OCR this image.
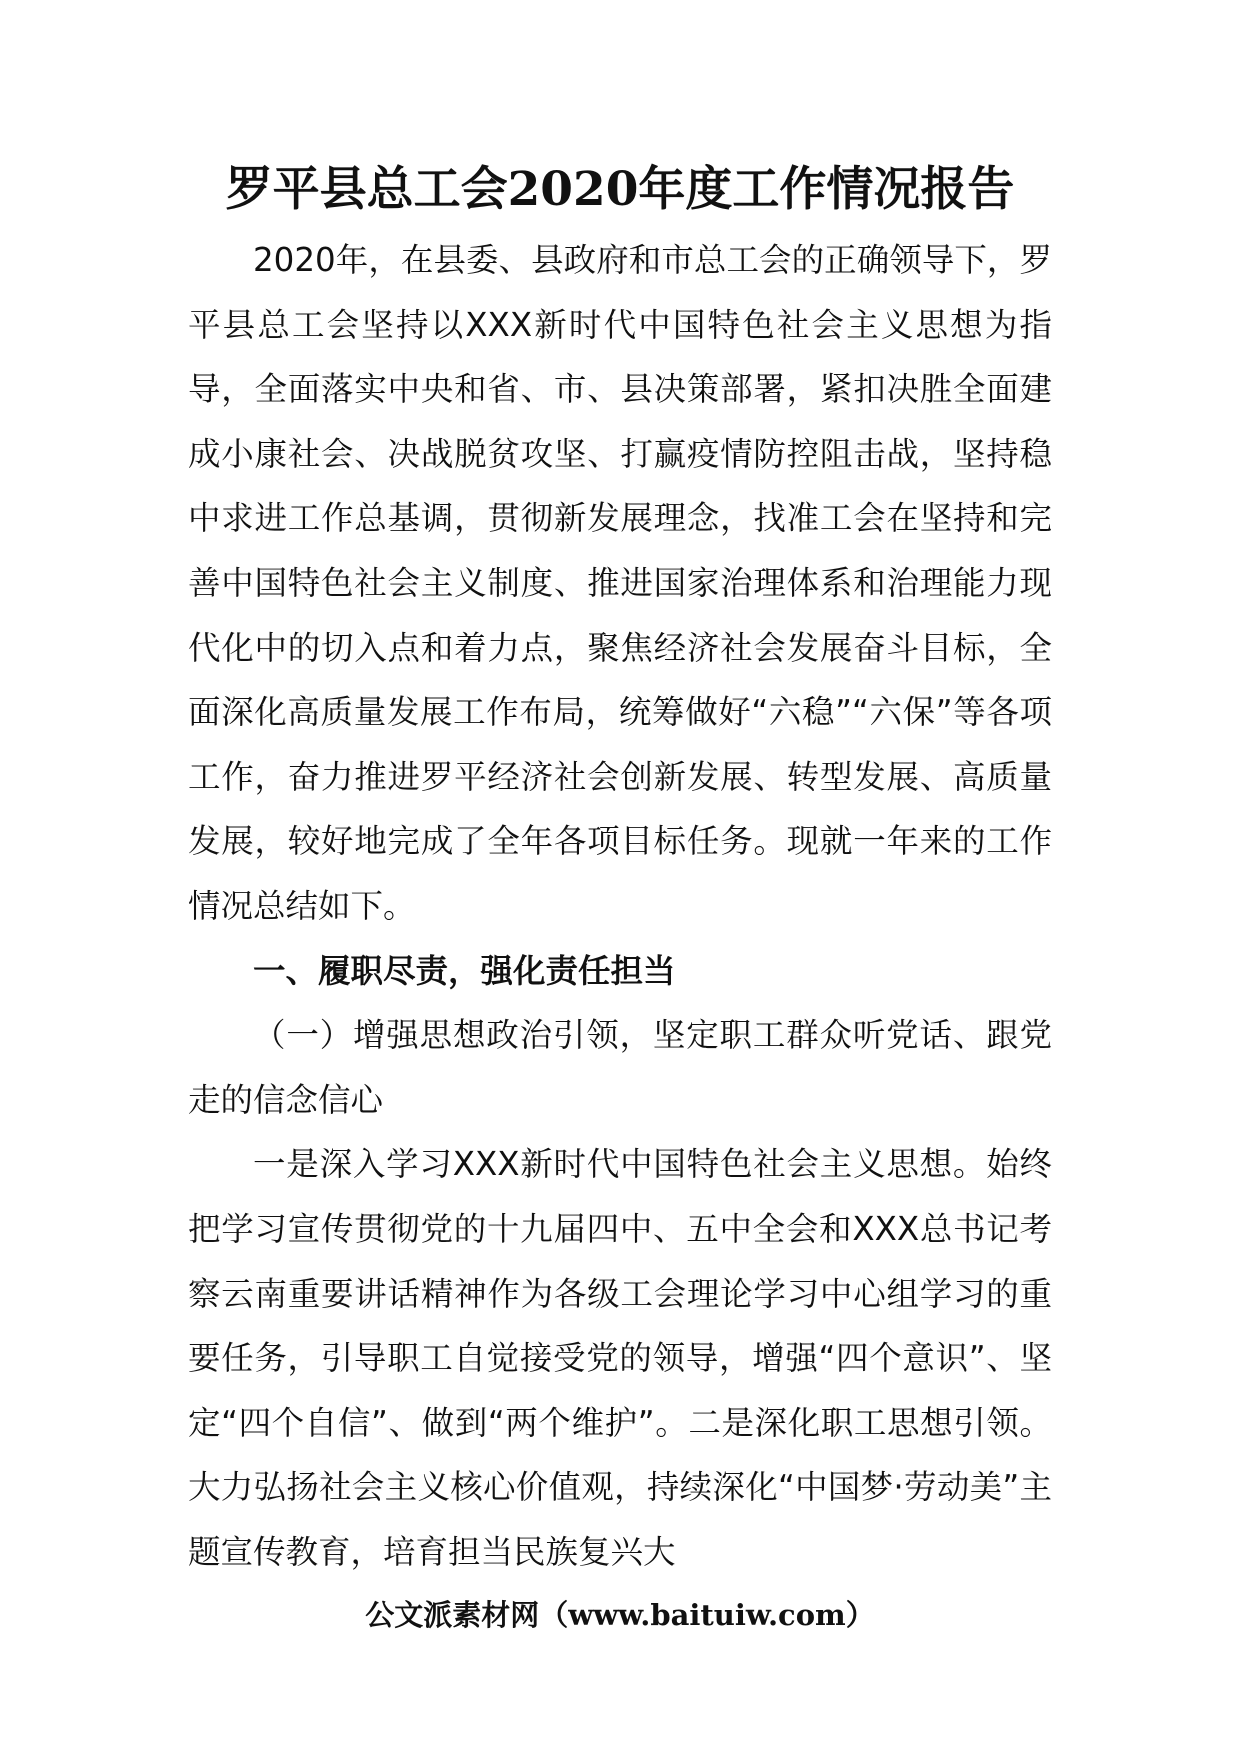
罗平县总工会2020年度工作情况报告

2020年，在县委、县政府和市总工会的正确领导下，罗平县总工会坚持以XXX新时代中国特色社会主义思想为指导，全面落实中央和省、市、县决策部署，紧扣决胜全面建成小康社会、决战脱贫攻坚、打赢疫情防控阻击战，坚持稳中求进工作总基调，贯彻新发展理念，找准工会在坚持和完善中国特色社会主义制度、推进国家治理体系和治理能力现代化中的切入点和着力点，聚焦经济社会发展奋斗目标，全面深化高质量发展工作布局，统筹做好“六稳”“六保”等各项工作，奋力推进罗平经济社会创新发展、转型发展、高质量发展，较好地完成了全年各项目标任务。现就一年来的工作情况总结如下。

一、履职尽责，强化责任担当

（一）增强思想政治引领，坚定职工群众听党话、跟党走的信念信心

一是深入学习XXX新时代中国特色社会主义思想。始终把学习宣传贯彻党的十九届四中、五中全会和XXX总书记考察云南重要讲话精神作为各级工会理论学习中心组学习的重要任务，引导职工自觉接受党的领导，增强“四个意识”、坚定“四个自信”、做到“两个维护”。二是深化职工思想引领。大力弘扬社会主义核心价值观，持续深化“中国梦·劳动美”主题宣传教育，培育担当民族复兴大

公文派素材网（www.baituiw.com）
